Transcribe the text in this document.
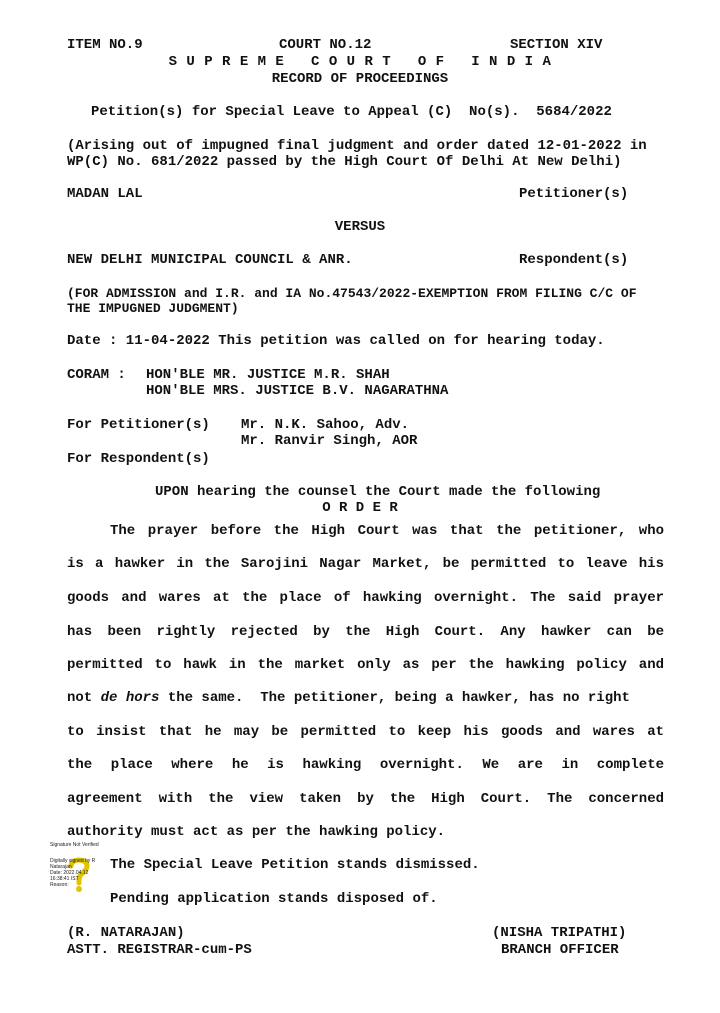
ITEM NO.9	COURT NO.12	SECTION XIV
S U P R E M E   C O U R T   O F   I N D I A
RECORD OF PROCEEDINGS
Petition(s) for Special Leave to Appeal (C)  No(s).  5684/2022
(Arising out of impugned final judgment and order dated 12-01-2022 in
WP(C) No. 681/2022 passed by the High Court Of Delhi At New Delhi)
MADAN LAL	Petitioner(s)
VERSUS
NEW DELHI MUNICIPAL COUNCIL & ANR.	Respondent(s)
(FOR ADMISSION and I.R. and IA No.47543/2022-EXEMPTION FROM FILING C/C OF
THE IMPUGNED JUDGMENT)
Date : 11-04-2022 This petition was called on for hearing today.
CORAM : HON'BLE MR. JUSTICE M.R. SHAH
HON'BLE MRS. JUSTICE B.V. NAGARATHNA
For Petitioner(s) Mr. N.K. Sahoo, Adv.
Mr. Ranvir Singh, AOR
For Respondent(s)
UPON hearing the counsel the Court made the following
O R D E R
The prayer before the High Court was that the petitioner, who
is a hawker in the Sarojini Nagar Market, be permitted to leave his
goods and wares at the place of hawking overnight. The said prayer
has been rightly rejected by the High Court. Any hawker can be
permitted to hawk in the market only as per the hawking policy and
not de hors the same.  The petitioner, being a hawker, has no right
to insist that he may be permitted to keep his goods and wares at
the place where he is hawking overnight. We are in complete
agreement with the view taken by the High Court. The concerned
authority must act as per the hawking policy.
Signature Not Verified
Digitally signed by R
Natarajan
Date: 2022.04.12
16:38:41 IST
Reason:
The Special Leave Petition stands dismissed.
Pending application stands disposed of.
(R. NATARAJAN)
ASTT. REGISTRAR-cum-PS
(NISHA TRIPATHI)
BRANCH OFFICER
